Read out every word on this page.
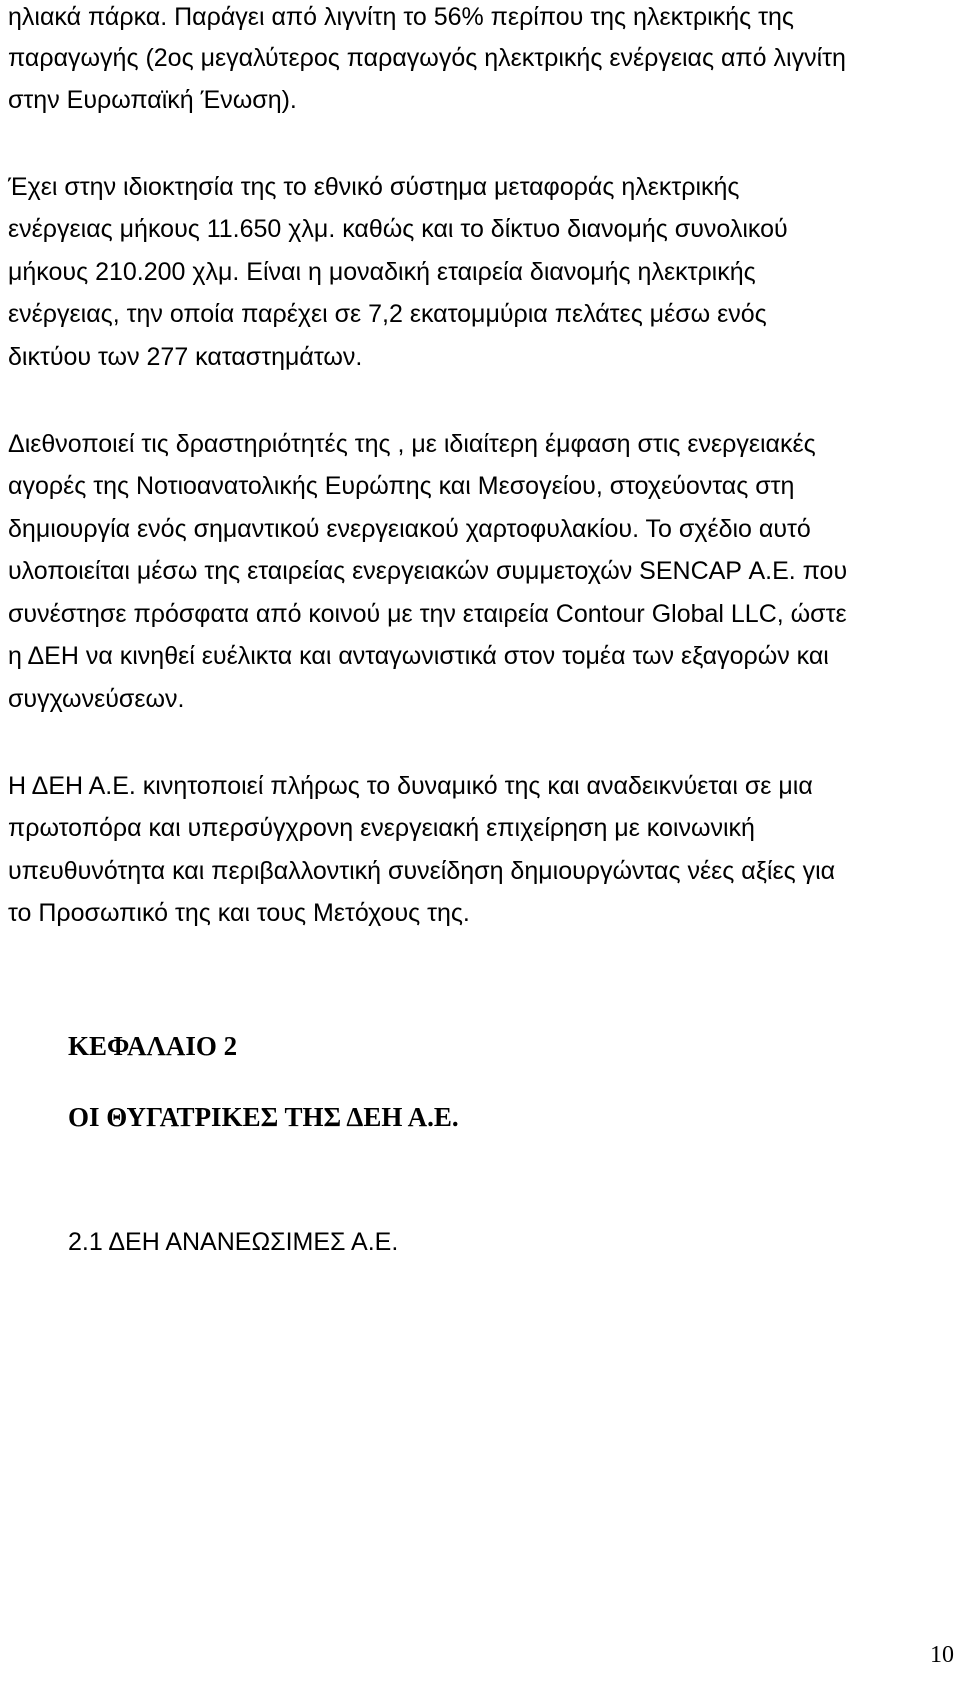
ηλιακά πάρκα. Παράγει από λιγνίτη το 56% περίπου της ηλεκτρικής της
παραγωγής (2ος μεγαλύτερος παραγωγός ηλεκτρικής ενέργειας από λιγνίτη
στην Ευρωπαϊκή Ένωση).
Έχει στην ιδιοκτησία της το εθνικό σύστημα μεταφοράς ηλεκτρικής
ενέργειας μήκους 11.650 χλμ. καθώς και το δίκτυο διανομής συνολικού
μήκους 210.200 χλμ. Είναι η μοναδική εταιρεία διανομής ηλεκτρικής
ενέργειας, την οποία παρέχει σε 7,2 εκατομμύρια πελάτες μέσω ενός
δικτύου των 277 καταστημάτων.
Διεθνοποιεί τις δραστηριότητές της , με ιδιαίτερη έμφαση στις ενεργειακές
αγορές της Νοτιοανατολικής Ευρώπης και Μεσογείου, στοχεύοντας στη
δημιουργία ενός σημαντικού ενεργειακού χαρτοφυλακίου. Το σχέδιο αυτό
υλοποιείται μέσω της εταιρείας ενεργειακών συμμετοχών SENCAP Α.Ε. που
συνέστησε πρόσφατα από κοινού με την εταιρεία Contour Global LLC, ώστε
η ΔΕΗ να κινηθεί ευέλικτα και ανταγωνιστικά στον τομέα των εξαγορών και
συγχωνεύσεων.
Η ΔΕΗ Α.Ε. κινητοποιεί πλήρως το δυναμικό της και αναδεικνύεται σε μια
πρωτοπόρα και υπερσύγχρονη ενεργειακή επιχείρηση με κοινωνική
υπευθυνότητα και περιβαλλοντική συνείδηση δημιουργώντας νέες αξίες για
το Προσωπικό της και τους Μετόχους της.
ΚΕΦΑΛΑΙΟ 2
ΟΙ ΘΥΓΑΤΡΙΚΕΣ ΤΗΣ ΔΕΗ Α.Ε.
2.1 ΔΕΗ ΑΝΑΝΕΩΣΙΜΕΣ Α.Ε.
10
